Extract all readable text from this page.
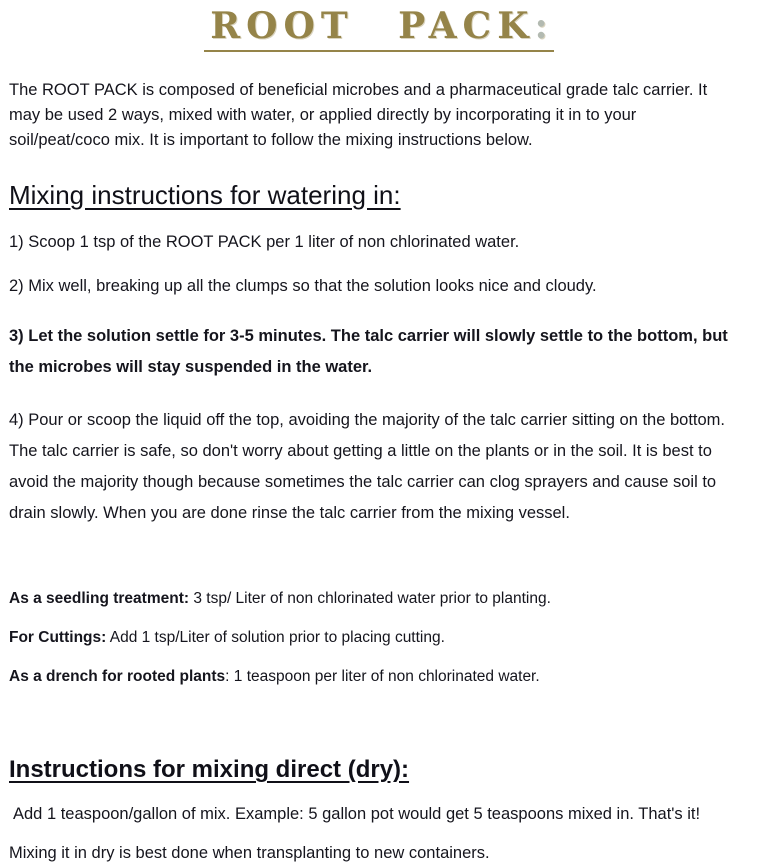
ROOT PACK:

The ROOT PACK is composed of beneficial microbes and a pharmaceutical grade talc carrier. It may be used 2 ways, mixed with water, or applied directly by incorporating it in to your soil/peat/coco mix. It is important to follow the mixing instructions below.

Mixing instructions for watering in:

1) Scoop 1 tsp of the ROOT PACK per 1 liter of non chlorinated water.

2) Mix well, breaking up all the clumps so that the solution looks nice and cloudy.

3) Let the solution settle for 3-5 minutes. The talc carrier will slowly settle to the bottom, but the microbes will stay suspended in the water.

4) Pour or scoop the liquid off the top, avoiding the majority of the talc carrier sitting on the bottom. The talc carrier is safe, so don't worry about getting a little on the plants or in the soil. It is best to avoid the majority though because sometimes the talc carrier can clog sprayers and cause soil to drain slowly. When you are done rinse the talc carrier from the mixing vessel.

As a seedling treatment: 3 tsp/ Liter of non chlorinated water prior to planting.

For Cuttings: Add 1 tsp/Liter of solution prior to placing cutting.

As a drench for rooted plants: 1 teaspoon per liter of non chlorinated water.

Instructions for mixing direct (dry):

Add 1 teaspoon/gallon of mix. Example: 5 gallon pot would get 5 teaspoons mixed in. That's it!

Mixing it in dry is best done when transplanting to new containers.
